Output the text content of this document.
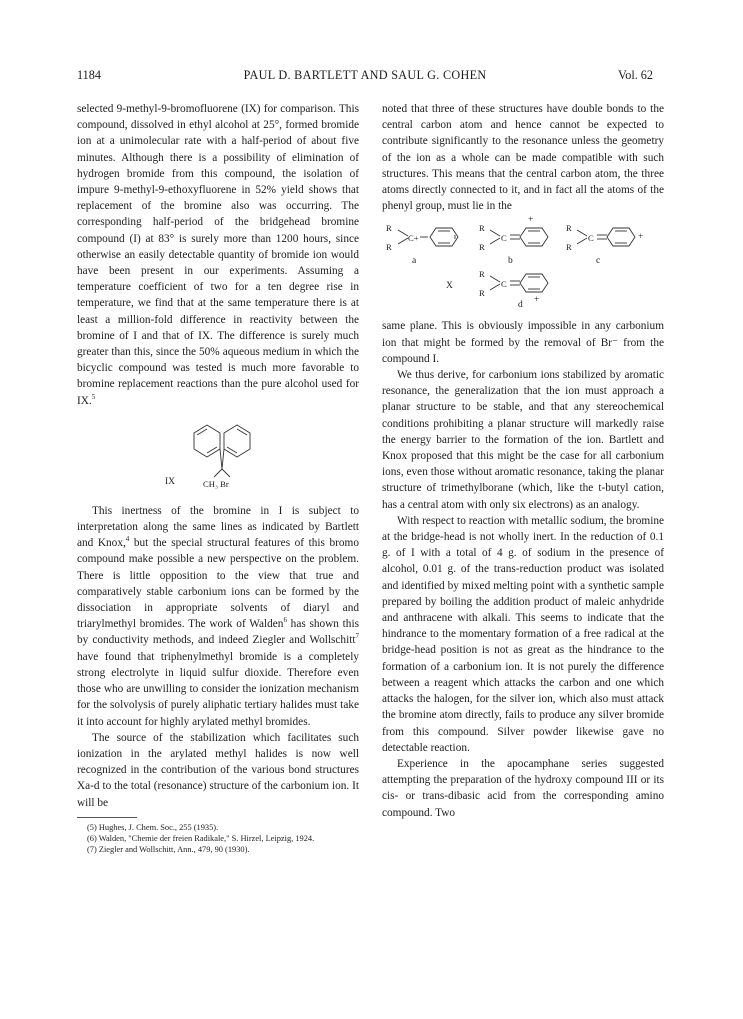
1184	PAUL D. BARTLETT AND SAUL G. COHEN	Vol. 62

selected 9-methyl-9-bromofluorene (IX) for comparison. This compound, dissolved in ethyl alcohol at 25°, formed bromide ion at a unimolecular rate with a half-period of about five minutes. Although there is a possibility of elimination of hydrogen bromide from this compound, the isolation of impure 9-methyl-9-ethoxyfluorene in 52% yield shows that replacement of the bromine also was occurring. The corresponding half-period of the bridgehead bromine compound (I) at 83° is surely more than 1200 hours, since otherwise an easily detectable quantity of bromide ion would have been present in our experiments. Assuming a temperature coefficient of two for a ten degree rise in temperature, we find that at the same temperature there is at least a million-fold difference in reactivity between the bromine of I and that of IX. The difference is surely much greater than this, since the 50% aqueous medium in which the bicyclic compound was tested is much more favorable to bromine replacement reactions than the pure alcohol used for IX.$^5$

IX	CH₃ Br

This inertness of the bromine in I is subject to interpretation along the same lines as indicated by Bartlett and Knox,$^4$ but the special structural features of this bromo compound make possible a new perspective on the problem. There is little opposition to the view that true and comparatively stable carbonium ions can be formed by the dissociation in appropriate solvents of diaryl and triarylmethyl bromides. The work of Walden$^6$ has shown this by conductivity methods, and indeed Ziegler and Wollschitt$^7$ have found that triphenylmethyl bromide is a completely strong electrolyte in liquid sulfur dioxide. Therefore even those who are unwilling to consider the ionization mechanism for the solvolysis of purely aliphatic tertiary halides must take it into account for highly arylated methyl bromides.

The source of the stabilization which facilitates such ionization in the arylated methyl halides is now well recognized in the contribution of the various bond structures Xa-d to the total (resonance) structure of the carbonium ion. It will be

(5) Hughes, J. Chem. Soc., 255 (1935).
(6) Walden, "Chemie der freien Radikale," S. Hirzel, Leipzig, 1924.
(7) Ziegler and Wollschitt, Ann., 479, 90 (1930).

noted that three of these structures have double bonds to the central carbon atom and hence cannot be expected to contribute significantly to the resonance unless the geometry of the ion as a whole can be made compatible with such structures. This means that the central carbon atom, the three atoms directly connected to it, and in fact all the atoms of the phenyl group, must lie in the

R
R
C+
a
R
R
C
+
b
R
R
C	+
c
X
R
R
C
d +

same plane. This is obviously impossible in any carbonium ion that might be formed by the removal of Br⁻ from the compound I.

We thus derive, for carbonium ions stabilized by aromatic resonance, the generalization that the ion must approach a planar structure to be stable, and that any stereochemical conditions prohibiting a planar structure will markedly raise the energy barrier to the formation of the ion. Bartlett and Knox proposed that this might be the case for all carbonium ions, even those without aromatic resonance, taking the planar structure of trimethylborane (which, like the t-butyl cation, has a central atom with only six electrons) as an analogy.

With respect to reaction with metallic sodium, the bromine at the bridge-head is not wholly inert. In the reduction of 0.1 g. of I with a total of 4 g. of sodium in the presence of alcohol, 0.01 g. of the trans-reduction product was isolated and identified by mixed melting point with a synthetic sample prepared by boiling the addition product of maleic anhydride and anthracene with alkali. This seems to indicate that the hindrance to the momentary formation of a free radical at the bridge-head position is not as great as the hindrance to the formation of a carbonium ion. It is not purely the difference between a reagent which attacks the carbon and one which attacks the halogen, for the silver ion, which also must attack the bromine atom directly, fails to produce any silver bromide from this compound. Silver powder likewise gave no detectable reaction.

Experience in the apocamphane series suggested attempting the preparation of the hydroxy compound III or its cis- or trans-dibasic acid from the corresponding amino compound. Two
